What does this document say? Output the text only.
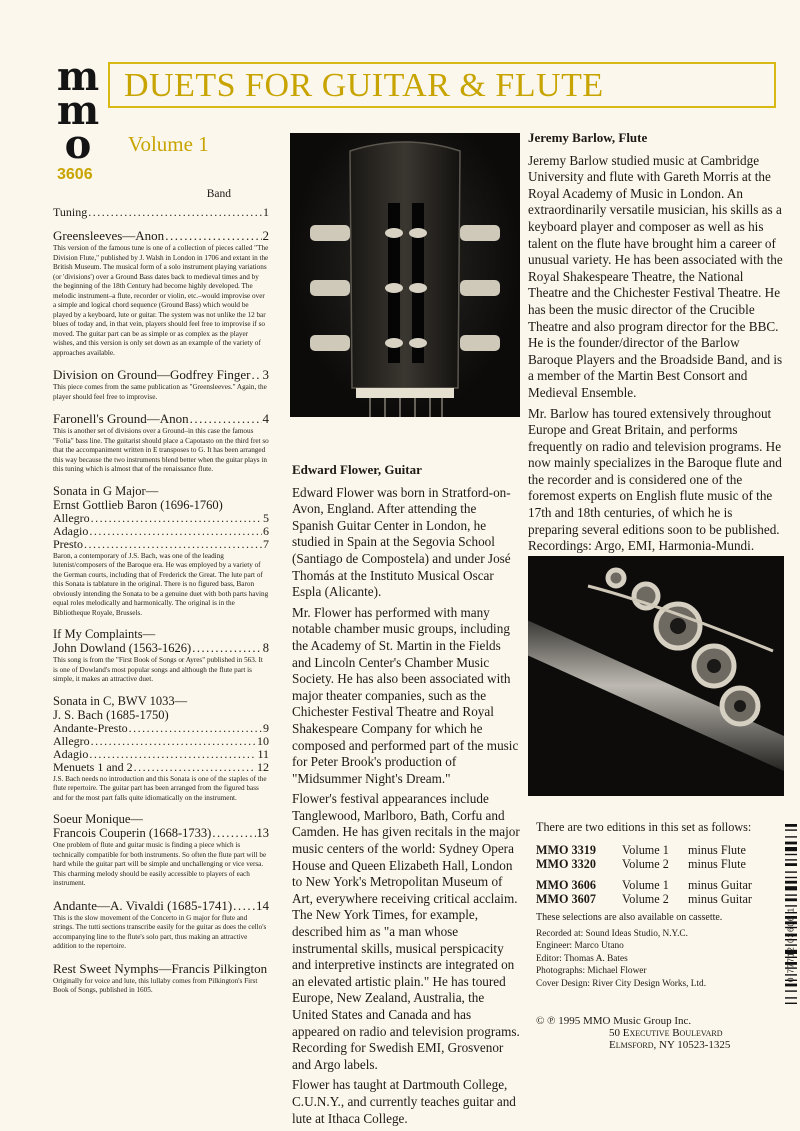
m
m
o
3606
DUETS FOR GUITAR & FLUTE
Volume 1
Band
Tuning .....	1
Greensleeves—Anon .....	2
This version of the famous tune is one of a collection of pieces called "The Division Flute," published by J. Walsh in London in 1706 and extant in the British Museum. The musical form of a solo instrument playing variations (or 'divisions') over a Ground Bass dates back to medieval times and by the beginning of the 18th Century had become highly developed. The melodic instrument–a flute, recorder or violin, etc.–would improvise over a simple and logical chord sequence (Ground Bass) which would be played by a keyboard, lute or guitar. The system was not unlike the 12 bar blues of today and, in that vein, players should feel free to improvise if so moved. The guitar part can be as simple or as complex as the player wishes, and this version is only set down as an example of the variety of approaches available.
Division on Ground—Godfrey Finger ..... 3
This piece comes from the same publication as "Greensleeves." Again, the player should feel free to improvise.
Faronell's Ground—Anon .....	4
This is another set of divisions over a Ground–in this case the famous "Folia" bass line. The guitarist should place a Capotasto on the third fret so that the accompaniment written in E transposes to G. It has been arranged this way because the two instruments blend better when the guitar plays in this tuning which is almost that of the renaissance flute.
Sonata in G Major—
Ernst Gottlieb Baron (1696-1760)
Allegro .....	5
Adagio .....	6
Presto .....	7
Baron, a contemporary of J.S. Bach, was one of the leading lutenist/composers of the Baroque era. He was employed by a variety of the German courts, including that of Frederick the Great. The lute part of this Sonata is tablature in the original. There is no figured bass, Baron obviously intending the Sonata to be a genuine duet with both parts having equal roles melodically and harmonically. The original is in the Bibliotheque Royale, Brussels.
If My Complaints—
John Dowland (1563-1626) .....	8
This song is from the "First Book of Songs or Ayres" published in 563. It is one of Dowland's most popular songs and although the flute part is simple, it makes an attractive duet.
Sonata in C, BWV 1033—
J. S. Bach (1685-1750)
Andante-Presto .....	9
Allegro .....	10
Adagio .....	11
Menuets 1 and 2 .....	12
J.S. Bach needs no introduction and this Sonata is one of the staples of the flute repertoire. The guitar part has been arranged from the figured bass and for the most part falls quite idiomatically on the instrument.
Soeur Monique—
Francois Couperin (1668-1733) .....	13
One problem of flute and guitar music is finding a piece which is technically compatible for both instruments. So often the flute part will be hard while the guitar part will be simple and unchallenging or vice versa. This charming melody should be easily accessible to players of each instrument.
Andante—A. Vivaldi (1685-1741) ..... 14
This is the slow movement of the Concerto in G major for flute and strings. The tutti sections transcribe easily for the guitar as does the cello's accompanying line to the flute's solo part, thus making an attractive addition to the repertoire.
Rest Sweet Nymphs—Francis Pilkington
Originally for voice and lute, this lullaby comes from Pilkington's First Book of Songs, published in 1605.
Edward Flower, Guitar

Edward Flower was born in Stratford-on-Avon, England. After attending the Spanish Guitar Center in London, he studied in Spain at the Segovia School (Santiago de Compostela) and under José Thomás at the Instituto Musical Oscar Espla (Alicante).

Mr. Flower has performed with many notable chamber music groups, including the Academy of St. Martin in the Fields and Lincoln Center's Chamber Music Society. He has also been associated with major theater companies, such as the Chichester Festival Theatre and Royal Shakespeare Company for which he composed and performed part of the music for Peter Brook's production of "Midsummer Night's Dream."

Flower's festival appearances include Tanglewood, Marlboro, Bath, Corfu and Camden. He has given recitals in the major music centers of the world: Sydney Opera House and Queen Elizabeth Hall, London to New York's Metropolitan Museum of Art, everywhere receiving critical acclaim. The New York Times, for example, described him as "a man whose instrumental skills, musical perspicacity and interpretive instincts are integrated on an elevated artistic plain." He has toured Europe, New Zealand, Australia, the United States and Canada and has appeared on radio and television programs. Recording for Swedish EMI, Grosvenor and Argo labels.

Flower has taught at Dartmouth College, C.U.N.Y., and currently teaches guitar and lute at Ithaca College.

Jeremy Barlow, Flute

Jeremy Barlow studied music at Cambridge University and flute with Gareth Morris at the Royal Academy of Music in London. An extraordinarily versatile musician, his skills as a keyboard player and composer as well as his talent on the flute have brought him a career of unusual variety. He has been associated with the Royal Shakespeare Theatre, the National Theatre and the Chichester Festival Theatre. He has been the music director of the Crucible Theatre and also program director for the BBC. He is the founder/director of the Barlow Baroque Players and the Broadside Band, and is a member of the Martin Best Consort and Medieval Ensemble.

Mr. Barlow has toured extensively throughout Europe and Great Britain, and performs frequently on radio and television programs. He now mainly specializes in the Baroque flute and the recorder and is considered one of the foremost experts on English flute music of the 17th and 18th centuries, of which he is preparing several editions soon to be published. Recordings: Argo, EMI, Harmonia-Mundi.

There are two editions in this set as follows:
MMO 3319	Volume 1	minus Flute
MMO 3320	Volume 2	minus Flute
MMO 3606	Volume 1	minus Guitar
MMO 3607	Volume 2	minus Guitar
These selections are also available on cassette.
Recorded at: Sound Ideas Studio, N.Y.C.
Engineer: Marco Utano
Editor: Thomas A. Bates
Photographs: Michael Flower
Cover Design: River City Design Works, Ltd.
© ℗ 1995 MMO Music Group Inc.
50 Executive Boulevard
Elmsford, NY 10523-1325
0 77712 03606 1
